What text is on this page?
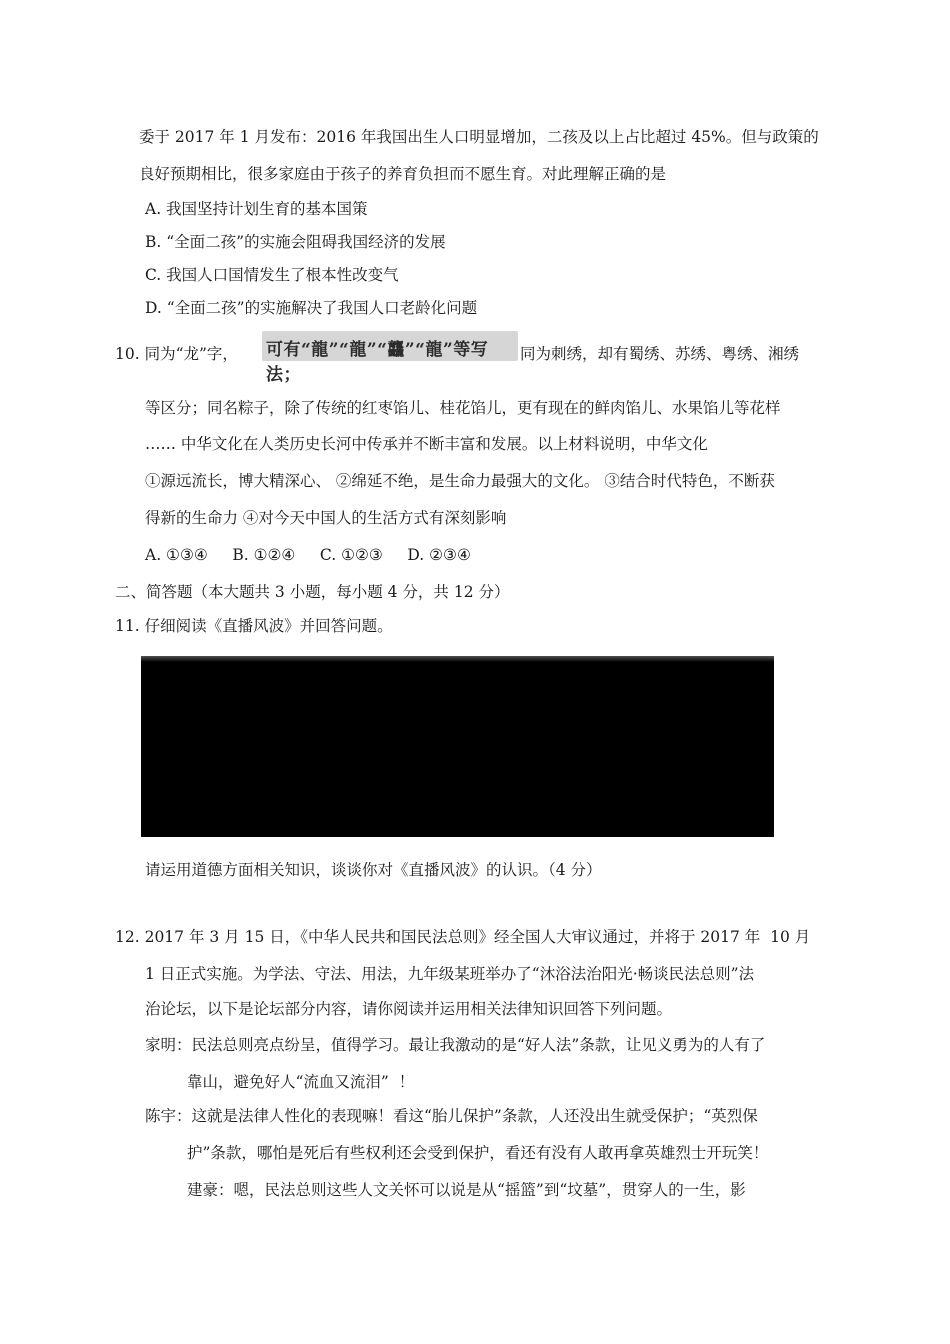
委于 2017 年 1 月发布：2016 年我国出生人口明显增加，二孩及以上占比超过 45%。但与政策的
良好预期相比，很多家庭由于孩子的养育负担而不愿生育。对此理解正确的是
A. 我国坚持计划生育的基本国策
B. “全面二孩”的实施会阻碍我国经济的发展
C. 我国人口国情发生了根本性改变气
D. “全面二孩”的实施解决了我国人口老龄化问题
10. 同为“龙”字， 可有“龍”“龍”“龘”“龍”等写法；
同为刺绣，却有蜀绣、苏绣、粤绣、湘绣
等区分；同名粽子，除了传统的红枣馅儿、桂花馅儿，更有现在的鲜肉馅儿、水果馅儿等花样
…… 中华文化在人类历史长河中传承并不断丰富和发展。以上材料说明，中华文化
①源远流长，博大精深心、 ②绵延不绝，是生命力最强大的文化。 ③结合时代特色，不断获
得新的生命力 ④对今天中国人的生活方式有深刻影响
A. ①③④     B. ①②④     C. ①②③     D. ②③④
二、简答题（本大题共 3 小题，每小题 4 分，共 12 分）
11. 仔细阅读《直播风波》并回答问题。
请运用道德方面相关知识，谈谈你对《直播风波》的认识。（4 分）
12. 2017 年 3 月 15 日，《中华人民共和国民法总则》经全国人大审议通过，并将于 2017 年  10 月
1 日正式实施。为学法、守法、用法，九年级某班举办了“沐浴法治阳光·畅谈民法总则”法
治论坛，以下是论坛部分内容，请你阅读并运用相关法律知识回答下列问题。
家明：民法总则亮点纷呈，值得学习。最让我激动的是“好人法”条款，让见义勇为的人有了
靠山，避免好人“流血又流泪”  ！
陈宇：这就是法律人性化的表现嘛！看这“胎儿保护”条款，人还没出生就受保护；“英烈保
护”条款，哪怕是死后有些权利还会受到保护，看还有没有人敢再拿英雄烈士开玩笑！
建豪：嗯，民法总则这些人文关怀可以说是从“摇篮”到“坟墓”，贯穿人的一生，影
